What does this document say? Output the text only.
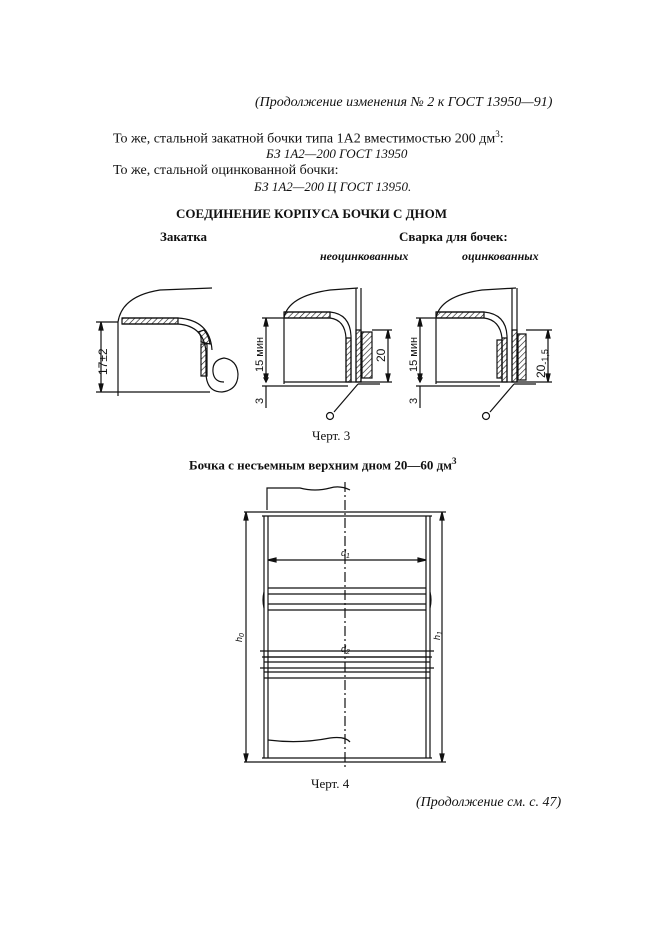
(Продолжение изменения № 2 к ГОСТ 13950—91)
То же, стальной закатной бочки типа 1А2 вместимостью 200 $дм^3$:
БЗ 1А2—200 ГОСТ 13950
То же, стальной оцинкованной бочки:
БЗ 1А2—200 Ц ГОСТ 13950.
СОЕДИНЕНИЕ КОРПУСА БОЧКИ С ДНОМ
Закатка	Сварка для бочек:
неоцинкованных	оцинкованных
17±2	15 мин	20
3
15 мин
3
$20_{-1,5}$
Черт. 3
Бочка с несъемным верхним дном 20—60 $дм^3$
$d_1$
$d_2$
$h_0$	$h_1$
Черт. 4
(Продолжение см. с. 47)
